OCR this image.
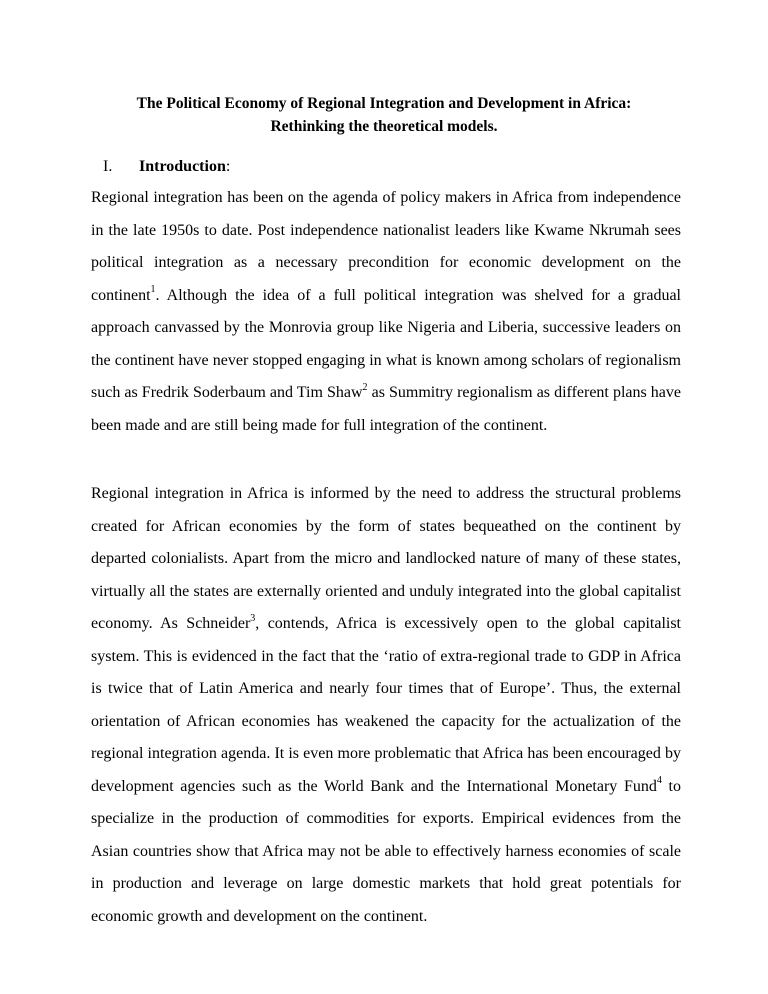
The Political Economy of Regional Integration and Development in Africa: Rethinking the theoretical models.
I. Introduction:

Regional integration has been on the agenda of policy makers in Africa from independence in the late 1950s to date. Post independence nationalist leaders like Kwame Nkrumah sees political integration as a necessary precondition for economic development on the continent$^1$. Although the idea of a full political integration was shelved for a gradual approach canvassed by the Monrovia group like Nigeria and Liberia, successive leaders on the continent have never stopped engaging in what is known among scholars of regionalism such as Fredrik Soderbaum and Tim Shaw$^2$ as Summitry regionalism as different plans have been made and are still being made for full integration of the continent.

Regional integration in Africa is informed by the need to address the structural problems created for African economies by the form of states bequeathed on the continent by departed colonialists. Apart from the micro and landlocked nature of many of these states, virtually all the states are externally oriented and unduly integrated into the global capitalist economy. As Schneider$^3$, contends, Africa is excessively open to the global capitalist system. This is evidenced in the fact that the ‘ratio of extra-regional trade to GDP in Africa is twice that of Latin America and nearly four times that of Europe’. Thus, the external orientation of African economies has weakened the capacity for the actualization of the regional integration agenda. It is even more problematic that Africa has been encouraged by development agencies such as the World Bank and the International Monetary Fund$^4$ to specialize in the production of commodities for exports. Empirical evidences from the Asian countries show that Africa may not be able to effectively harness economies of scale in production and leverage on large domestic markets that hold great potentials for economic growth and development on the continent.
